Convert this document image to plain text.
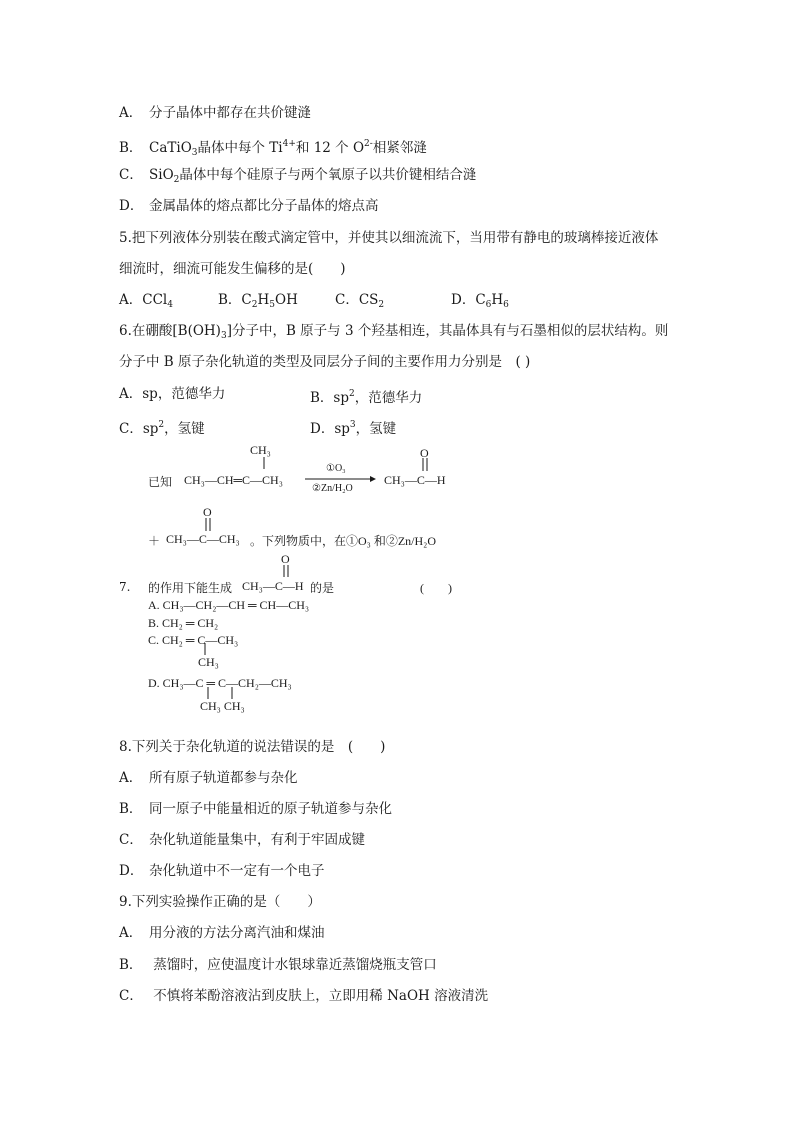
A． 分子晶体中都存在共价键漨
B． CaTiO$_3$晶体中每个 $Ti^{4+}$和 12 个 $O^{2-}$相紧邻漨
C． SiO$_2$晶体中每个硅原子与两个氧原子以共价键相结合漨
D． 金属晶体的熔点都比分子晶体的熔点高
5.把下列液体分别装在酸式滴定管中，并使其以细流流下，当用带有静电的玻璃棒接近液体
细流时，细流可能发生偏移的是(　　)
A．CCl$_4$	B．$C_2H_5OH$	C．$CS_2$	D．$C_6H_6$
6.在硼酸$[B(OH)_3]$分子中，B 原子与 3 个羟基相连，其晶体具有与石墨相似的层状结构。则
分子中 B 原子杂化轨道的类型及同层分子间的主要作用力分别是　( )
A．sp，范德华力	B．$sp^2$，范德华力
C．$sp^2$，氢键	D．$sp^3$，氢键
7.
CH₃
已知 CH₃—CH═C—CH₃
①O₃
②Zn/H₂O
O
CH₃—C—H
O
＋ CH₃—C—CH₃ 。下列物质中，在①O₃ 和②Zn/H₂O
O
的作用下能生成 CH₃—C—H 的是	(　　)
A. CH₃—CH₂—CH ═ CH—CH₃
B. CH₂ ═ CH₂
C. CH₂ ═ C—CH₃
CH₃
D. CH₃—C ═ C—CH₂—CH₃
CH₃ CH₃
8.下列关于杂化轨道的说法错误的是　(　　)
A． 所有原子轨道都参与杂化
B． 同一原子中能量相近的原子轨道参与杂化
C． 杂化轨道能量集中，有利于牢固成键
D． 杂化轨道中不一定有一个电子
9.下列实验操作正确的是（　　）
A． 用分液的方法分离汽油和煤油
B． 蒸馏时，应使温度计水银球靠近蒸馏烧瓶支管口
C． 不慎将苯酚溶液沾到皮肤上，立即用稀 NaOH 溶液清洗
